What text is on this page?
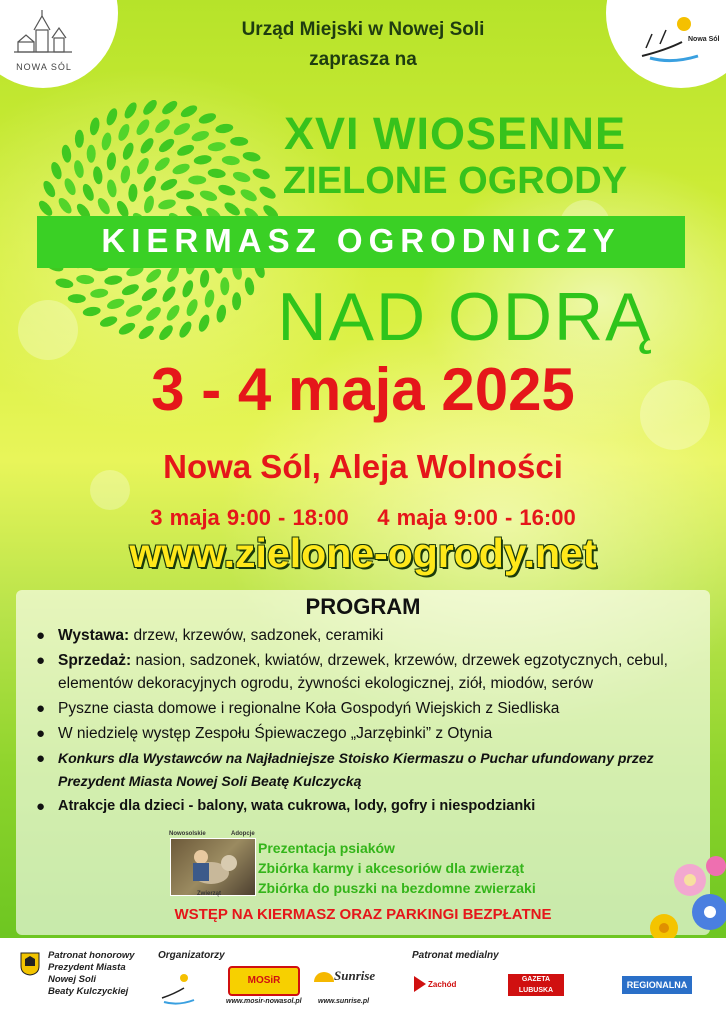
NOWA SÓL
Nowa Sól
Urząd Miejski w Nowej Soli
zaprasza na
XVI WIOSENNE
ZIELONE OGRODY
KIERMASZ OGRODNICZY
NAD ODRĄ
3 - 4 maja 2025
Nowa Sól, Aleja Wolności
3 maja 9:00 - 18:00 4 maja 9:00 - 16:00
www.zielone-ogrody.net
PROGRAM
● Wystawa: drzew, krzewów, sadzonek, ceramiki
● Sprzedaż: nasion, sadzonek, kwiatów, drzewek, krzewów, drzewek egzotycznych, cebul, elementów dekoracyjnych ogrodu, żywności ekologicznej, ziół, miodów, serów
● Pyszne ciasta domowe i regionalne Koła Gospodyń Wiejskich z Siedliska
● W niedzielę występ Zespołu Śpiewaczego „Jarzębinki” z Otynia
● Konkurs dla Wystawców na Najładniejsze Stoisko Kiermaszu o Puchar ufundowany przez Prezydent Miasta Nowej Soli Beatę Kulczycką
● Atrakcje dla dzieci - balony, wata cukrowa, lody, gofry i niespodzianki
Nowosolskie	Adopcje
Zwierząt
Prezentacja psiaków
Zbiórka karmy i akcesoriów dla zwierząt
Zbiórka do puszki na bezdomne zwierzaki
WSTĘP NA KIERMASZ ORAZ PARKINGI BEZPŁATNE
Patronat honorowy
Prezydent Miasta
Nowej Soli
Beaty Kulczyckiej
Organizatorzy
MOSiR
www.mosir-nowasol.pl
Sunrise
www.sunrise.pl
Patronat medialny
Zachód
GAZETA LUBUSKA
REGIONALNA
